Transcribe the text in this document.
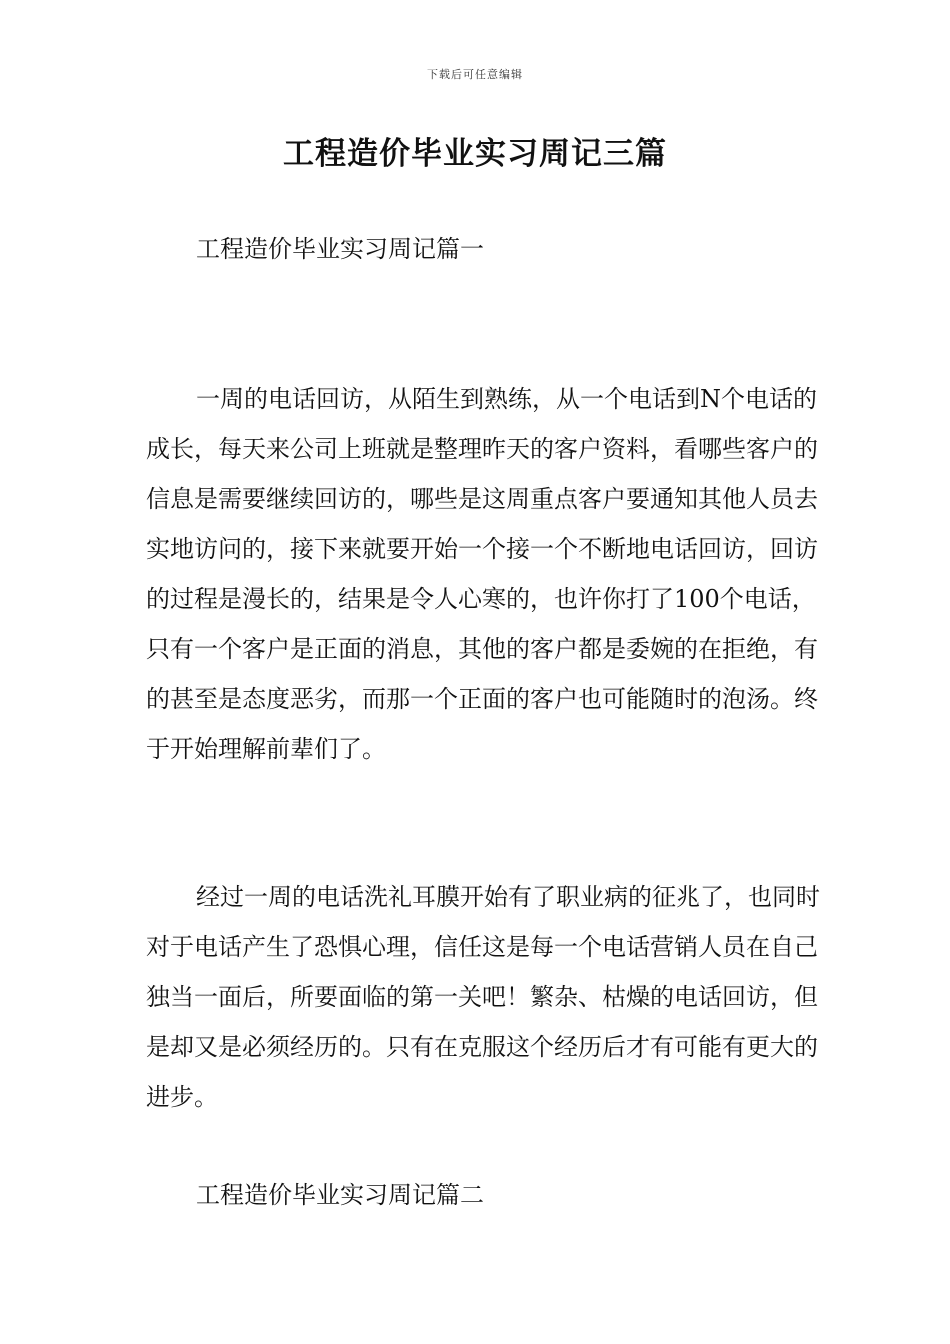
下载后可任意编辑
工程造价毕业实习周记三篇
工程造价毕业实习周记篇一

一周的电话回访，从陌生到熟练，从一个电话到N个电话的成长，每天来公司上班就是整理昨天的客户资料，看哪些客户的信息是需要继续回访的，哪些是这周重点客户要通知其他人员去实地访问的，接下来就要开始一个接一个不断地电话回访，回访的过程是漫长的，结果是令人心寒的，也许你打了100个电话，只有一个客户是正面的消息，其他的客户都是委婉的在拒绝，有的甚至是态度恶劣，而那一个正面的客户也可能随时的泡汤。终于开始理解前辈们了。

经过一周的电话洗礼耳膜开始有了职业病的征兆了，也同时对于电话产生了恐惧心理，信任这是每一个电话营销人员在自己独当一面后，所要面临的第一关吧！繁杂、枯燥的电话回访，但是却又是必须经历的。只有在克服这个经历后才有可能有更大的进步。

工程造价毕业实习周记篇二
